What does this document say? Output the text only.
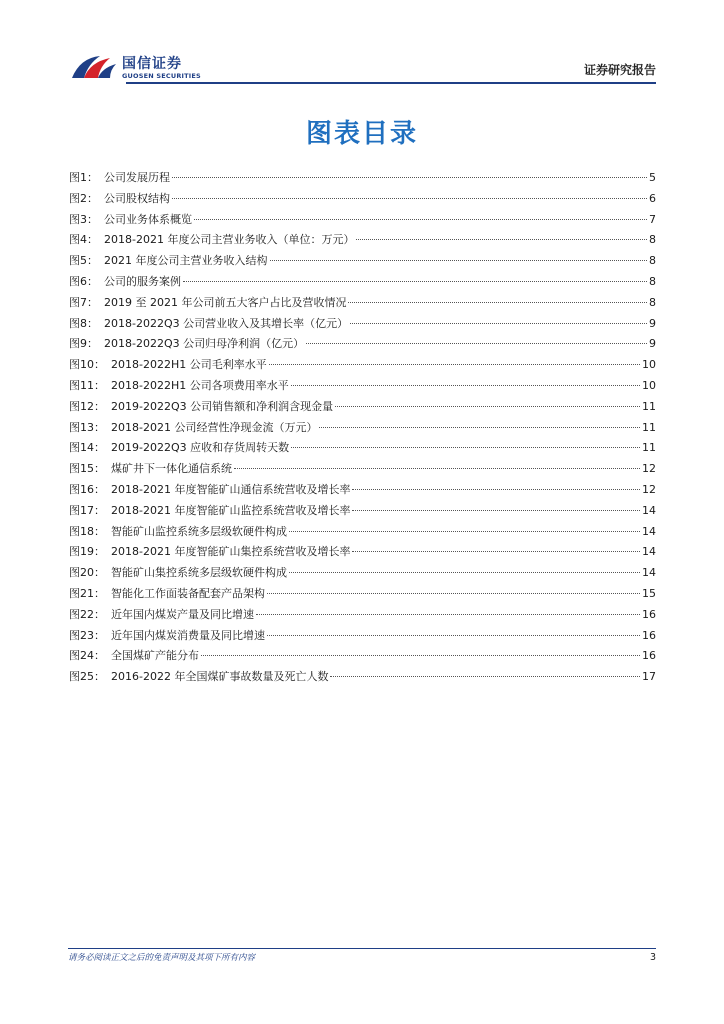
国信证券
GUOSEN SECURITIES	证券研究报告
图表目录
图1： 公司发展历程	5
图2： 公司股权结构	6
图3： 公司业务体系概览	7
图4： 2018-2021 年度公司主营业务收入（单位：万元）	8
图5： 2021 年度公司主营业务收入结构	8
图6： 公司的服务案例	8
图7： 2019 至 2021 年公司前五大客户占比及营收情况	8
图8： 2018-2022Q3 公司营业收入及其增长率（亿元）	9
图9： 2018-2022Q3 公司归母净利润（亿元）	9
图10： 2018-2022H1 公司毛利率水平	10
图11： 2018-2022H1 公司各项费用率水平	10
图12： 2019-2022Q3 公司销售额和净利润含现金量	11
图13： 2018-2021 公司经营性净现金流（万元）	11
图14： 2019-2022Q3 应收和存货周转天数	11
图15： 煤矿井下一体化通信系统	12
图16： 2018-2021 年度智能矿山通信系统营收及增长率	12
图17： 2018-2021 年度智能矿山监控系统营收及增长率	14
图18： 智能矿山监控系统多层级软硬件构成	14
图19： 2018-2021 年度智能矿山集控系统营收及增长率	14
图20： 智能矿山集控系统多层级软硬件构成	14
图21： 智能化工作面装备配套产品架构	15
图22： 近年国内煤炭产量及同比增速	16
图23： 近年国内煤炭消费量及同比增速	16
图24： 全国煤矿产能分布	16
图25： 2016-2022 年全国煤矿事故数量及死亡人数	17
请务必阅读正文之后的免责声明及其项下所有内容	3
